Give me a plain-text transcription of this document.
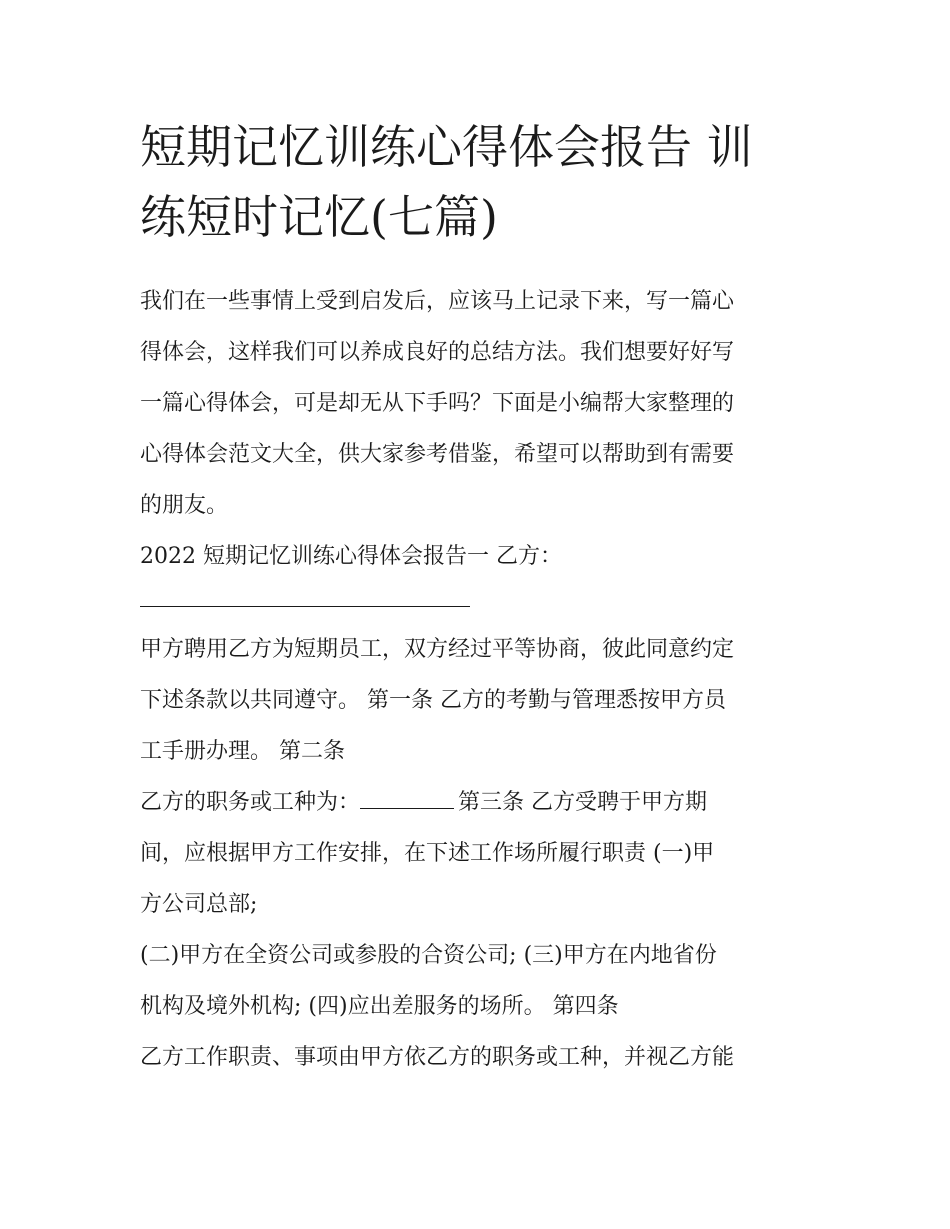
短期记忆训练心得体会报告 训
练短时记忆(七篇)
我们在一些事情上受到启发后，应该马上记录下来，写一篇心
得体会，这样我们可以养成良好的总结方法。我们想要好好写
一篇心得体会，可是却无从下手吗？下面是小编帮大家整理的
心得体会范文大全，供大家参考借鉴，希望可以帮助到有需要
的朋友。
2022 短期记忆训练心得体会报告一 乙方：
甲方聘用乙方为短期员工，双方经过平等协商，彼此同意约定
下述条款以共同遵守。 第一条 乙方的考勤与管理悉按甲方员
工手册办理。 第二条
乙方的职务或工种为：	第三条 乙方受聘于甲方期
间，应根据甲方工作安排，在下述工作场所履行职责 (一)甲
方公司总部;
(二)甲方在全资公司或参股的合资公司; (三)甲方在内地省份
机构及境外机构; (四)应出差服务的场所。 第四条
乙方工作职责、事项由甲方依乙方的职务或工种，并视乙方能
